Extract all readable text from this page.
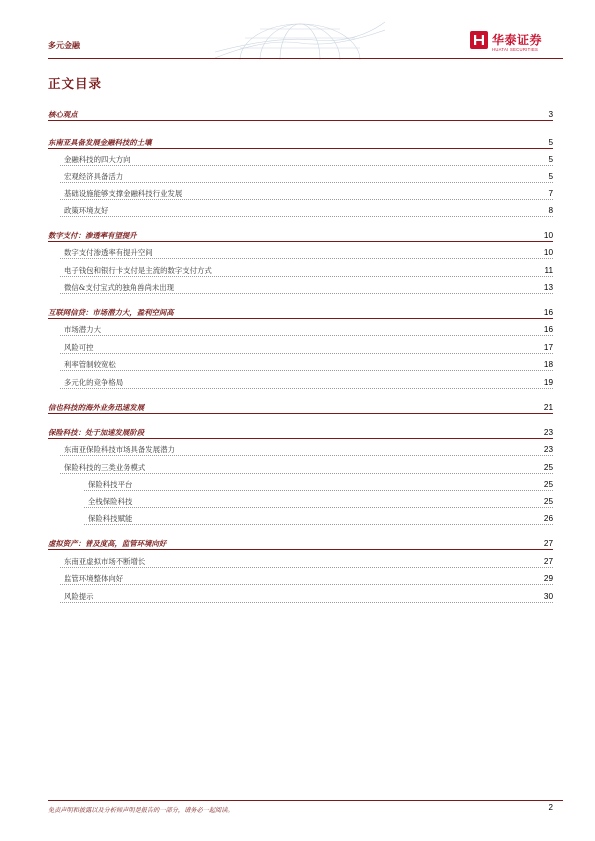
多元金融	华泰证券
HUATAI SECURITIES
正文目录
核心观点	3
东南亚具备发展金融科技的土壤	5
金融科技的四大方向	5
宏观经济具备活力	5
基础设施能够支撑金融科技行业发展	7
政策环境友好	8
数字支付：渗透率有望提升	10
数字支付渗透率有提升空间	10
电子钱包和银行卡支付是主流的数字支付方式	11
微信&支付宝式的独角兽尚未出现	13
互联网信贷：市场潜力大，盈利空间高	16
市场潜力大	16
风险可控	17
利率管制较宽松	18
多元化的竞争格局	19
信也科技的海外业务迅速发展	21
保险科技：处于加速发展阶段	23
东南亚保险科技市场具备发展潜力	23
保险科技的三类业务模式	25
保险科技平台	25
全栈保险科技	25
保险科技赋能	26
虚拟资产：普及度高，监管环境向好	27
东南亚虚拟市场不断增长	27
监管环境整体向好	29
风险提示	30
免责声明和披露以及分析师声明是报告的一部分，请务必一起阅读。	2
